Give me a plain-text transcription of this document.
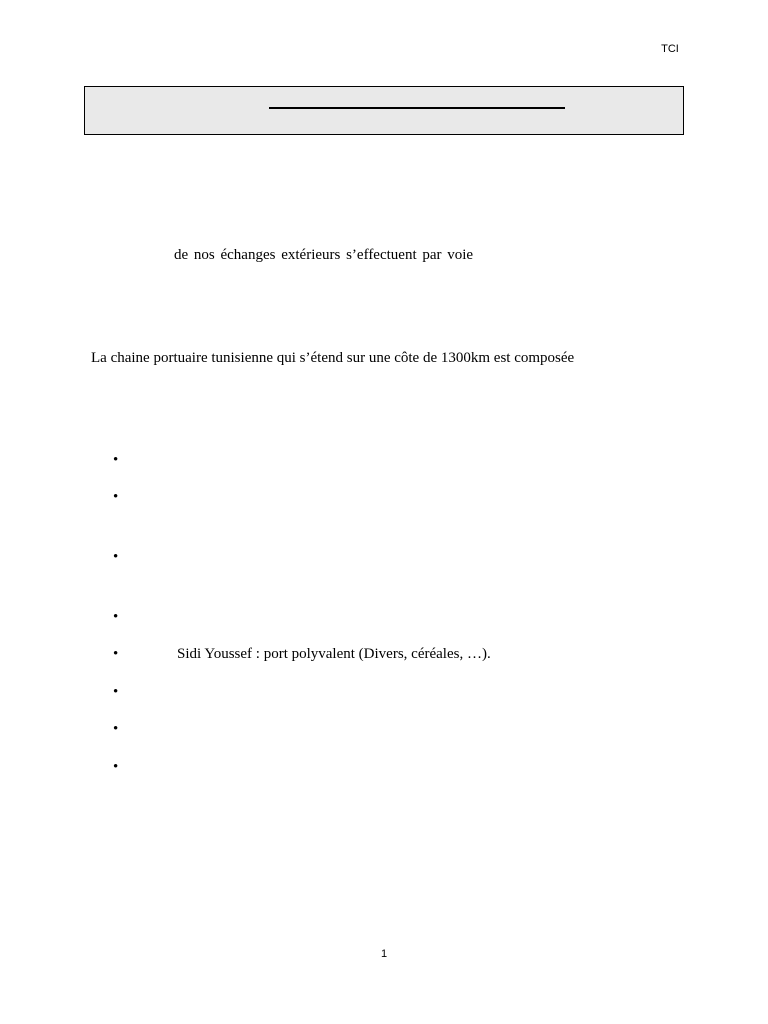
TCI
de nos échanges extérieurs s’effectuent par voie
La chaine portuaire tunisienne qui s’étend sur une côte de 1300km est composée
•
•
•
•
•	Sidi Youssef : port polyvalent (Divers, céréales, …).
•
•
•
1
